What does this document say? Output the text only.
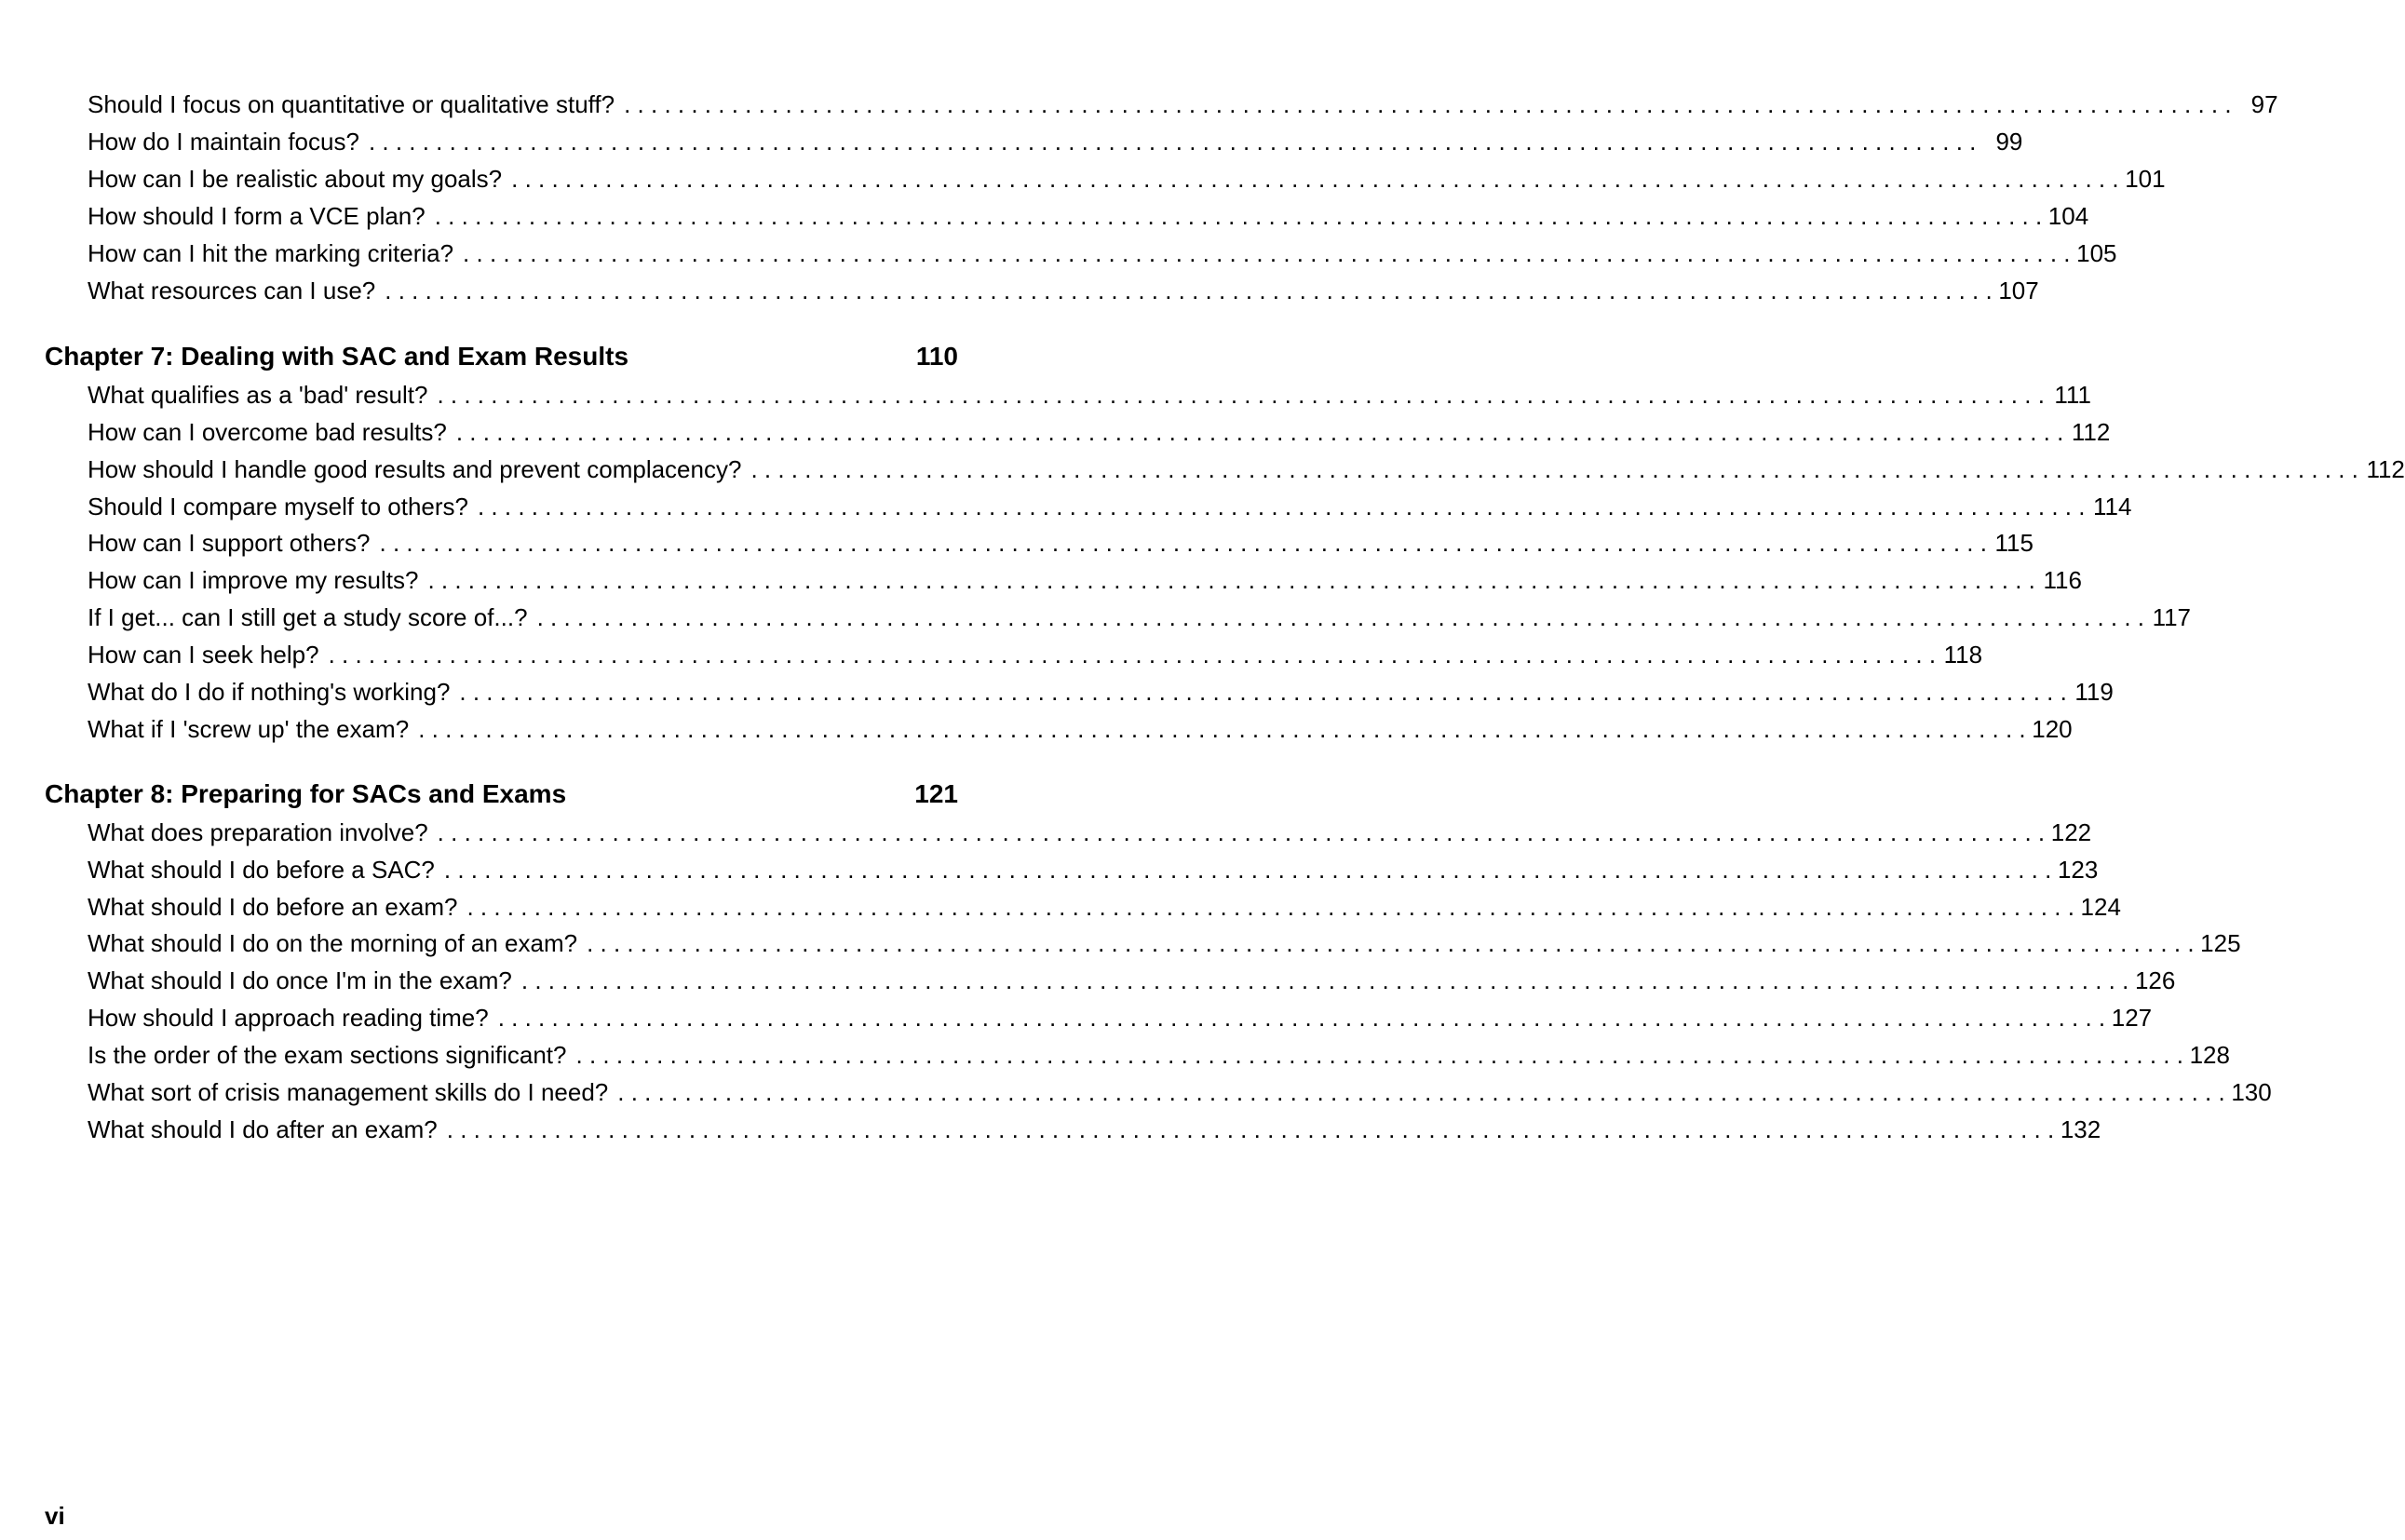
Should I focus on quantitative or qualitative stuff? . . . . . . . . . . . . . . . . . . . . . . . . . . . . . . . . . . . . . . . . . . . . . . . . . . . . . . . . . . . . . . . . . . . . . . . . . . . . . . . . . . . . . . . . . . . . . . . . . . . . . . . . . . . . . . . . . . . . . . . . 97
How do I maintain focus? . . . . . . . . . . . . . . . . . . . . . . . . . . . . . . . . . . . . . . . . . . . . . . . . . . . . . . . . . . . . . . . . . . . . . . . . . . . . . . . . . . . . . . . . . . . . . . . . . . . . . . . . . . . . . . . . . . . . . . . . 99
How can I be realistic about my goals? . . . . . . . . . . . . . . . . . . . . . . . . . . . . . . . . . . . . . . . . . . . . . . . . . . . . . . . . . . . . . . . . . . . . . . . . . . . . . . . . . . . . . . . . . . . . . . . . . . . . . . . . . . . . . . . . . . . . . . . . 101
How should I form a VCE plan? . . . . . . . . . . . . . . . . . . . . . . . . . . . . . . . . . . . . . . . . . . . . . . . . . . . . . . . . . . . . . . . . . . . . . . . . . . . . . . . . . . . . . . . . . . . . . . . . . . . . . . . . . . . . . . . . . . . . . . . . 104
How can I hit the marking criteria? . . . . . . . . . . . . . . . . . . . . . . . . . . . . . . . . . . . . . . . . . . . . . . . . . . . . . . . . . . . . . . . . . . . . . . . . . . . . . . . . . . . . . . . . . . . . . . . . . . . . . . . . . . . . . . . . . . . . . . . . 105
What resources can I use? . . . . . . . . . . . . . . . . . . . . . . . . . . . . . . . . . . . . . . . . . . . . . . . . . . . . . . . . . . . . . . . . . . . . . . . . . . . . . . . . . . . . . . . . . . . . . . . . . . . . . . . . . . . . . . . . . . . . . . . . 107
Chapter 7: Dealing with SAC and Exam Results	110
What qualifies as a 'bad' result? . . . . . . . . . . . . . . . . . . . . . . . . . . . . . . . . . . . . . . . . . . . . . . . . . . . . . . . . . . . . . . . . . . . . . . . . . . . . . . . . . . . . . . . . . . . . . . . . . . . . . . . . . . . . . . . . . . . . . . . . 111
How can I overcome bad results? . . . . . . . . . . . . . . . . . . . . . . . . . . . . . . . . . . . . . . . . . . . . . . . . . . . . . . . . . . . . . . . . . . . . . . . . . . . . . . . . . . . . . . . . . . . . . . . . . . . . . . . . . . . . . . . . . . . . . . . . 112
How should I handle good results and prevent complacency? . . . . . . . . . . . . . . . . . . . . . . . . . . . . . . . . . . . . . . . . . . . . . . . . . . . . . . . . . . . . . . . . . . . . . . . . . . . . . . . . . . . . . . . . . . . . . . . . . . . . . . . . . . . . . . . . . . . . . . . . 112
Should I compare myself to others? . . . . . . . . . . . . . . . . . . . . . . . . . . . . . . . . . . . . . . . . . . . . . . . . . . . . . . . . . . . . . . . . . . . . . . . . . . . . . . . . . . . . . . . . . . . . . . . . . . . . . . . . . . . . . . . . . . . . . . . . 114
How can I support others? . . . . . . . . . . . . . . . . . . . . . . . . . . . . . . . . . . . . . . . . . . . . . . . . . . . . . . . . . . . . . . . . . . . . . . . . . . . . . . . . . . . . . . . . . . . . . . . . . . . . . . . . . . . . . . . . . . . . . . . . 115
How can I improve my results? . . . . . . . . . . . . . . . . . . . . . . . . . . . . . . . . . . . . . . . . . . . . . . . . . . . . . . . . . . . . . . . . . . . . . . . . . . . . . . . . . . . . . . . . . . . . . . . . . . . . . . . . . . . . . . . . . . . . . . . . 116
If I get... can I still get a study score of...? . . . . . . . . . . . . . . . . . . . . . . . . . . . . . . . . . . . . . . . . . . . . . . . . . . . . . . . . . . . . . . . . . . . . . . . . . . . . . . . . . . . . . . . . . . . . . . . . . . . . . . . . . . . . . . . . . . . . . . . . 117
How can I seek help? . . . . . . . . . . . . . . . . . . . . . . . . . . . . . . . . . . . . . . . . . . . . . . . . . . . . . . . . . . . . . . . . . . . . . . . . . . . . . . . . . . . . . . . . . . . . . . . . . . . . . . . . . . . . . . . . . . . . . . . . 118
What do I do if nothing's working? . . . . . . . . . . . . . . . . . . . . . . . . . . . . . . . . . . . . . . . . . . . . . . . . . . . . . . . . . . . . . . . . . . . . . . . . . . . . . . . . . . . . . . . . . . . . . . . . . . . . . . . . . . . . . . . . . . . . . . . . 119
What if I 'screw up' the exam? . . . . . . . . . . . . . . . . . . . . . . . . . . . . . . . . . . . . . . . . . . . . . . . . . . . . . . . . . . . . . . . . . . . . . . . . . . . . . . . . . . . . . . . . . . . . . . . . . . . . . . . . . . . . . . . . . . . . . . . . 120
Chapter 8: Preparing for SACs and Exams	121
What does preparation involve? . . . . . . . . . . . . . . . . . . . . . . . . . . . . . . . . . . . . . . . . . . . . . . . . . . . . . . . . . . . . . . . . . . . . . . . . . . . . . . . . . . . . . . . . . . . . . . . . . . . . . . . . . . . . . . . . . . . . . . . . 122
What should I do before a SAC? . . . . . . . . . . . . . . . . . . . . . . . . . . . . . . . . . . . . . . . . . . . . . . . . . . . . . . . . . . . . . . . . . . . . . . . . . . . . . . . . . . . . . . . . . . . . . . . . . . . . . . . . . . . . . . . . . . . . . . . . 123
What should I do before an exam? . . . . . . . . . . . . . . . . . . . . . . . . . . . . . . . . . . . . . . . . . . . . . . . . . . . . . . . . . . . . . . . . . . . . . . . . . . . . . . . . . . . . . . . . . . . . . . . . . . . . . . . . . . . . . . . . . . . . . . . . 124
What should I do on the morning of an exam? . . . . . . . . . . . . . . . . . . . . . . . . . . . . . . . . . . . . . . . . . . . . . . . . . . . . . . . . . . . . . . . . . . . . . . . . . . . . . . . . . . . . . . . . . . . . . . . . . . . . . . . . . . . . . . . . . . . . . . . . 125
What should I do once I'm in the exam? . . . . . . . . . . . . . . . . . . . . . . . . . . . . . . . . . . . . . . . . . . . . . . . . . . . . . . . . . . . . . . . . . . . . . . . . . . . . . . . . . . . . . . . . . . . . . . . . . . . . . . . . . . . . . . . . . . . . . . . . 126
How should I approach reading time? . . . . . . . . . . . . . . . . . . . . . . . . . . . . . . . . . . . . . . . . . . . . . . . . . . . . . . . . . . . . . . . . . . . . . . . . . . . . . . . . . . . . . . . . . . . . . . . . . . . . . . . . . . . . . . . . . . . . . . . . 127
Is the order of the exam sections significant? . . . . . . . . . . . . . . . . . . . . . . . . . . . . . . . . . . . . . . . . . . . . . . . . . . . . . . . . . . . . . . . . . . . . . . . . . . . . . . . . . . . . . . . . . . . . . . . . . . . . . . . . . . . . . . . . . . . . . . . . 128
What sort of crisis management skills do I need? . . . . . . . . . . . . . . . . . . . . . . . . . . . . . . . . . . . . . . . . . . . . . . . . . . . . . . . . . . . . . . . . . . . . . . . . . . . . . . . . . . . . . . . . . . . . . . . . . . . . . . . . . . . . . . . . . . . . . . . . 130
What should I do after an exam? . . . . . . . . . . . . . . . . . . . . . . . . . . . . . . . . . . . . . . . . . . . . . . . . . . . . . . . . . . . . . . . . . . . . . . . . . . . . . . . . . . . . . . . . . . . . . . . . . . . . . . . . . . . . . . . . . . . . . . . . 132
vi
